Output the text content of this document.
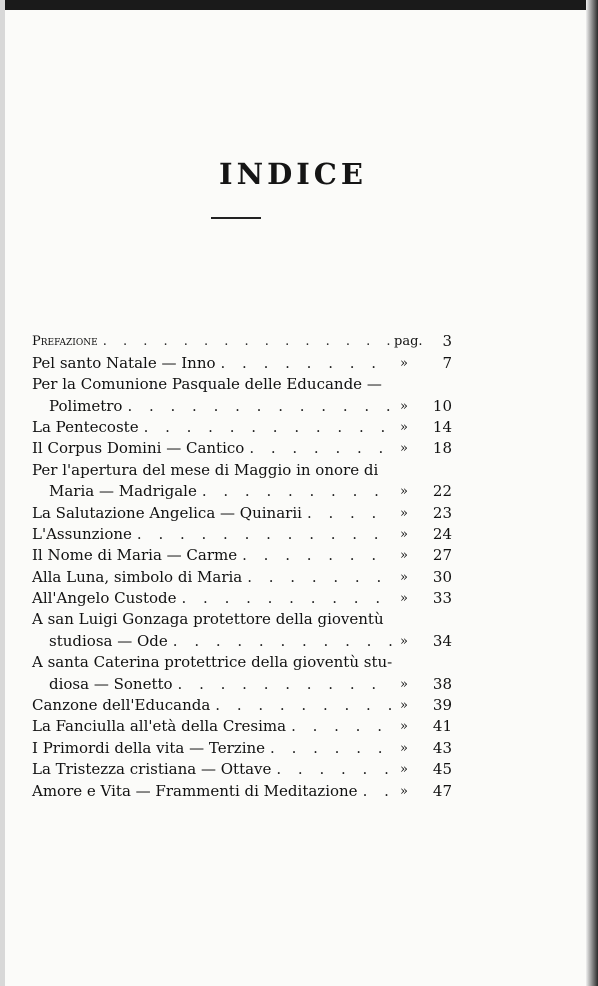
INDICE
Prefazione . . .	pag.	3
Pel santo Natale — Inno . . .	»	7
Per la Comunione Pasquale delle Educande —
Polimetro . . .	»	10
La Pentecoste . . .	»	14
Il Corpus Domini — Cantico . . .	»	18
Per l'apertura del mese di Maggio in onore di
Maria — Madrigale . . .	»	22
La Salutazione Angelica — Quinarii . . .	»	23
L'Assunzione . . .	»	24
Il Nome di Maria — Carme . . .	»	27
Alla Luna, simbolo di Maria . . .	»	30
All'Angelo Custode . . .	»	33
A san Luigi Gonzaga protettore della gioventù
studiosa — Ode . . .	»	34
A santa Caterina protettrice della gioventù stu-
diosa — Sonetto . . .	»	38
Canzone dell'Educanda . . .	»	39
La Fanciulla all'età della Cresima . . .	»	41
I Primordi della vita — Terzine . . .	»	43
La Tristezza cristiana — Ottave . . .	»	45
Amore e Vita — Frammenti di Meditazione . . .	»	47
